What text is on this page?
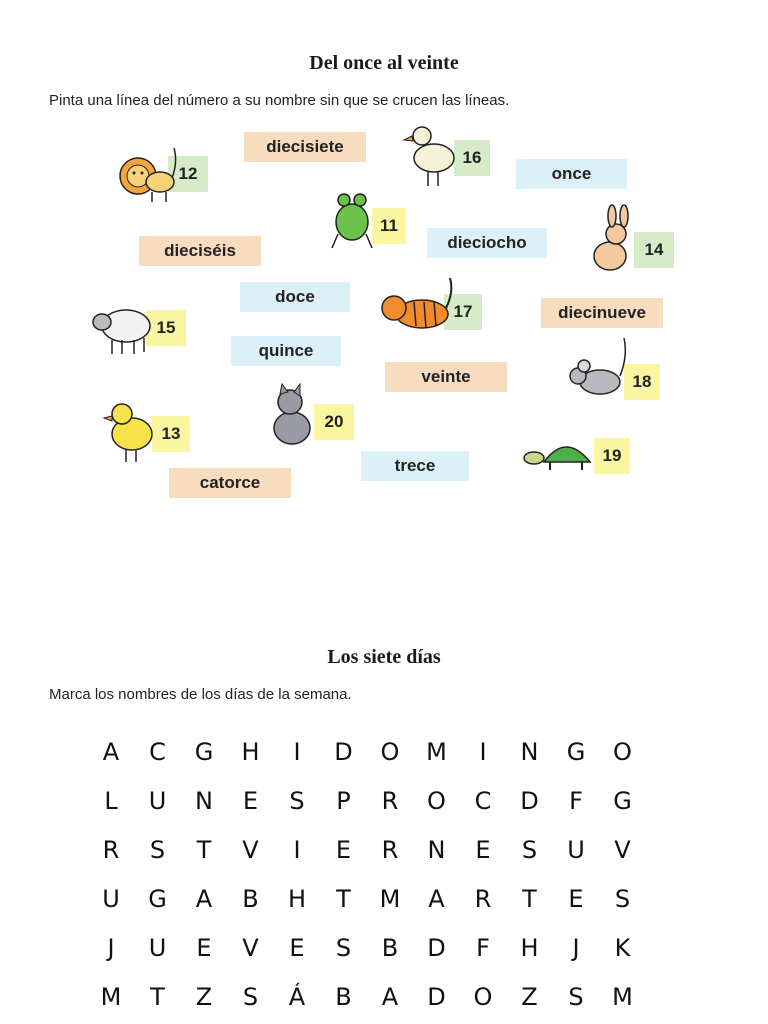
Del once al veinte
Pinta una línea del número a su nombre sin que se crucen las líneas.
diecisiete
once
dieciséis	dieciocho
doce
diecinueve
quince
veinte
catorce
trece
12
16
11
14
15
17
18
13
20
19
Los siete días
Marca los nombres de los días de la semana.
A	C	G	H	I	D	O	M	I	N	G	O
L	U	N	E	S	P	R	O	C	D	F	G
R	S	T	V	I	E	R	N	E	S	U	V
U	G	A	B	H	T	M	A	R	T	E	S
J	U	E	V	E	S	B	D	F	H	J	K
M	T	Z	S	Á	B	A	D	O	Z	S	M
